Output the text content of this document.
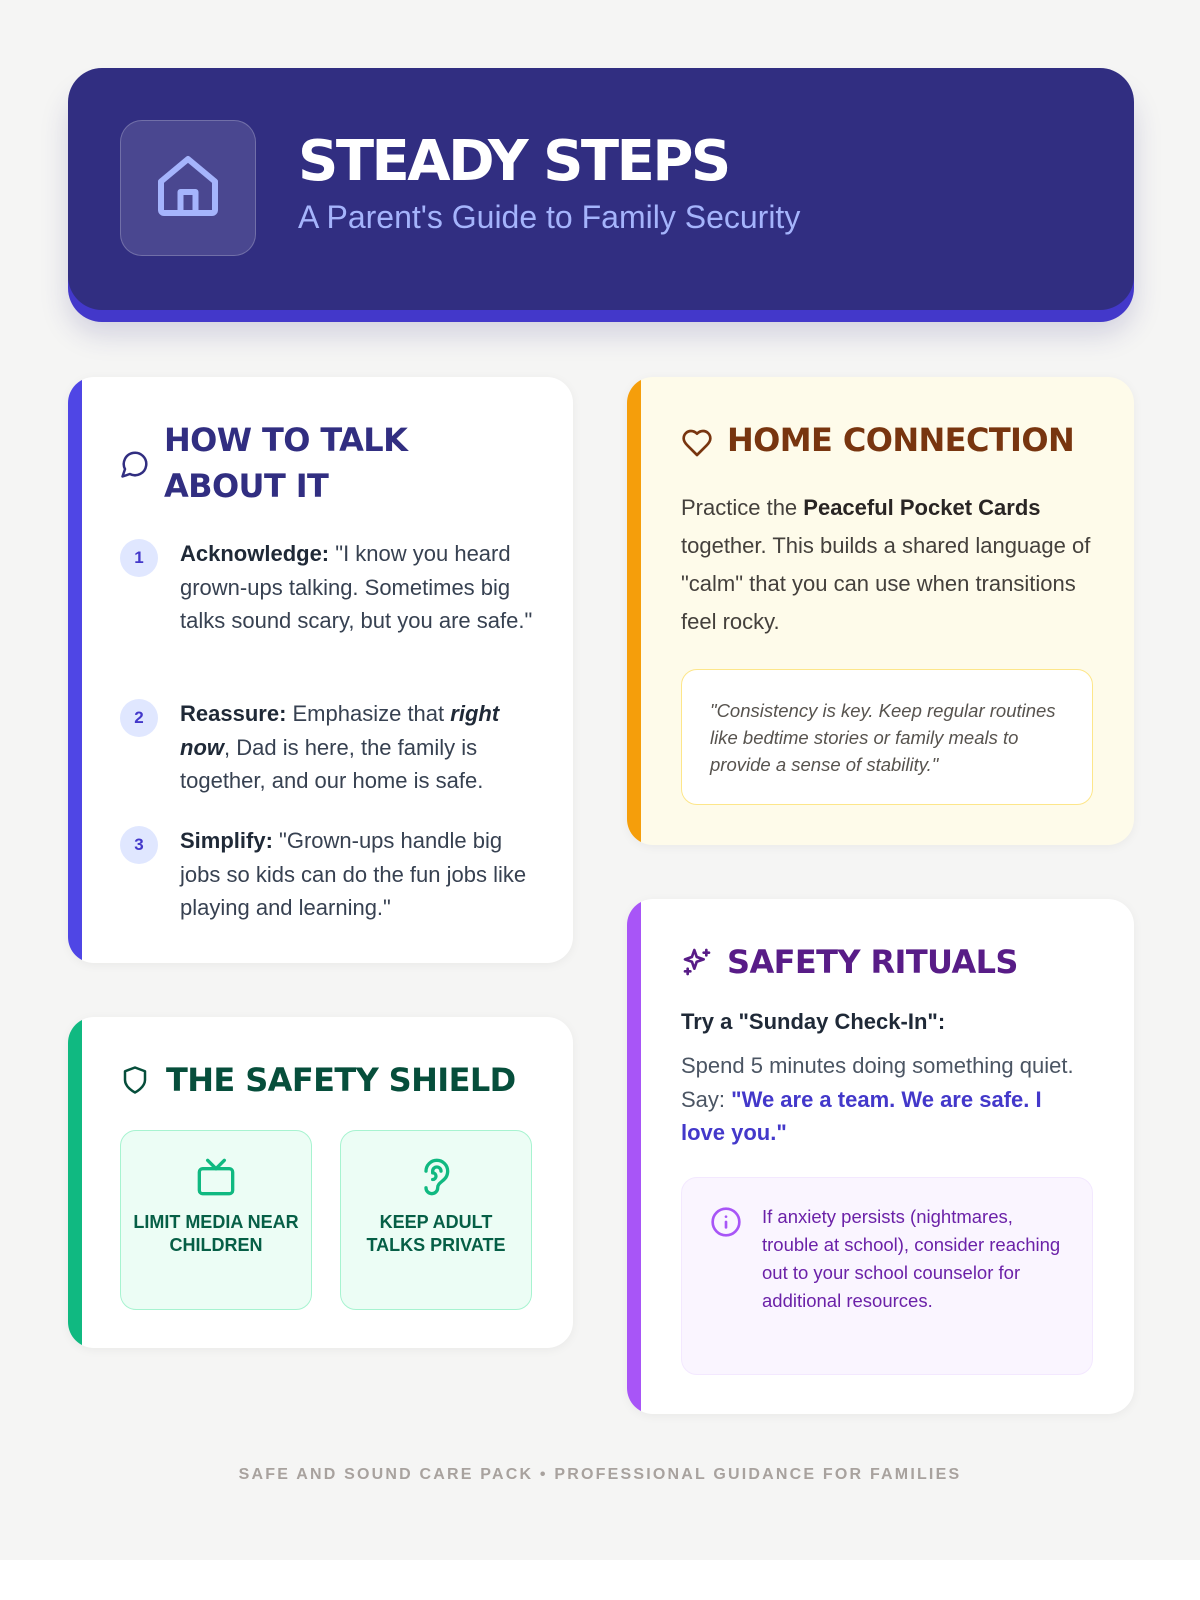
STEADY STEPS
A Parent's Guide to Family Security
HOW TO TALK
ABOUT IT
1	Acknowledge: "I know you heard grown-ups talking. Sometimes big talks sound scary, but you are safe."
2	Reassure: Emphasize that right now, Dad is here, the family is together, and our home is safe.
3	Simplify: "Grown-ups handle big jobs so kids can do the fun jobs like playing and learning."
THE SAFETY SHIELD
LIMIT MEDIA NEAR CHILDREN
KEEP ADULT TALKS PRIVATE
HOME CONNECTION
Practice the Peaceful Pocket Cards together. This builds a shared language of "calm" that you can use when transitions feel rocky.
"Consistency is key. Keep regular routines like bedtime stories or family meals to provide a sense of stability."
SAFETY RITUALS
Try a "Sunday Check-In":
Spend 5 minutes doing something quiet. Say: "We are a team. We are safe. I love you."
If anxiety persists (nightmares, trouble at school), consider reaching out to your school counselor for additional resources.
SAFE AND SOUND CARE PACK • PROFESSIONAL GUIDANCE FOR FAMILIES
